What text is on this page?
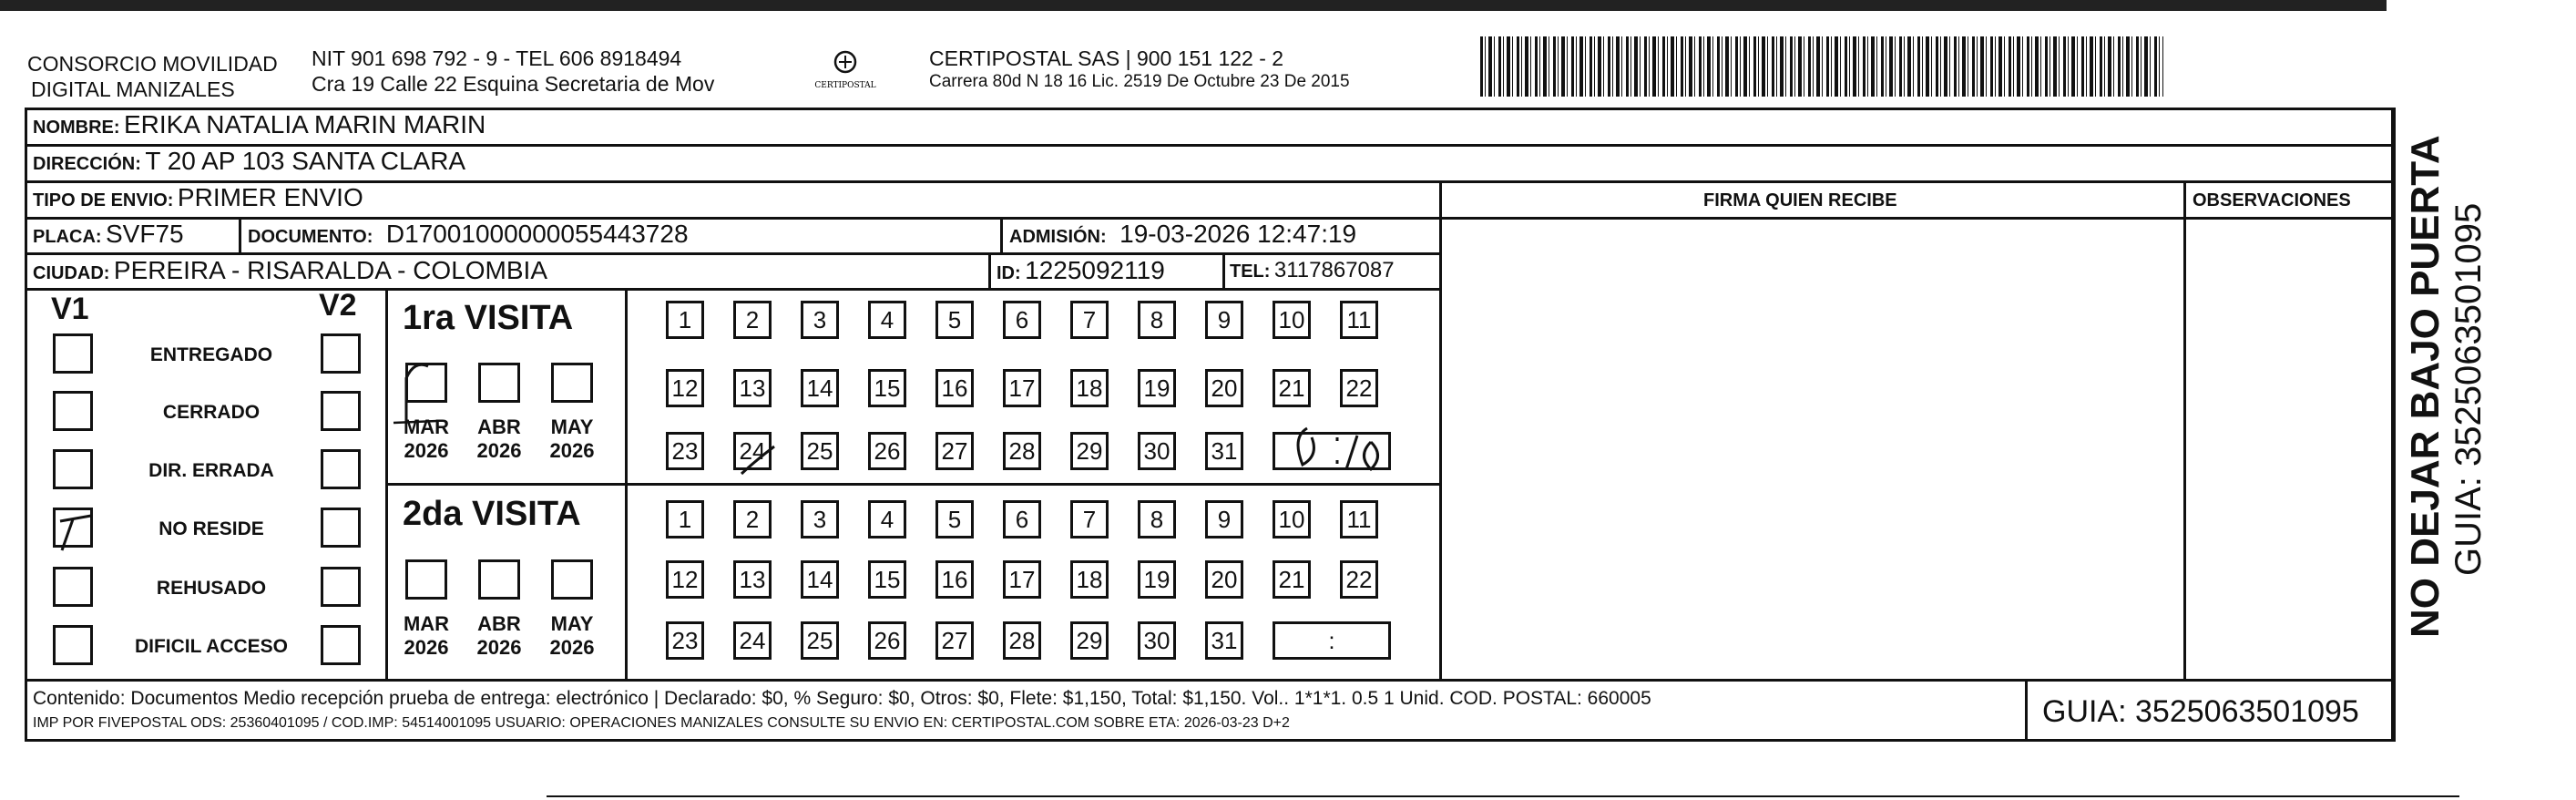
CONSORCIO MOVILIDAD
DIGITAL MANIZALES
NIT 901 698 792 - 9 - TEL 606 8918494
Cra 19 Calle 22 Esquina Secretaria de Mov	CERTIPOSTAL
CERTIPOSTAL SAS | 900 151 122 - 2
Carrera 80d N 18 16 Lic. 2519 De Octubre 23 De 2015
NOMBRE: ERIKA NATALIA MARIN MARIN
DIRECCIÓN: T 20 AP 103 SANTA CLARA
TIPO DE ENVIO: PRIMER ENVIO	FIRMA QUIEN RECIBE	OBSERVACIONES
PLACA: SVF75	DOCUMENTO: D17001000000055443728	ADMISIÓN: 19-03-2026 12:47:19
CIUDAD: PEREIRA - RISARALDA - COLOMBIA	ID: 1225092119	TEL: 3117867087
V1	V2
ENTREGADO
CERRADO
DIR. ERRADA
NO RESIDE
REHUSADO
DIFICIL ACCESO
1ra VISITA
2da VISITA
MAR
2026
ABR
2026
MAY
2026
1	2	3	4	5	6	7	8	9	10 11
12 13 14 15 16 17 18 19 20 21 22
23 24 25 26 27 28 29 30 31
MAR
2026
ABR
2026
MAY
2026
1	2	3	4	5	6	7	8	9	10 11
12 13 14 15 16 17 18 19 20 21 22
23 24 25 26 27 28 29 30 31	:
NO DEJAR BAJO PUERTA GUIA: 3525063501095
Contenido: Documentos Medio recepción prueba de entrega: electrónico | Declarado: $0, % Seguro: $0, Otros: $0, Flete: $1,150, Total: $1,150. Vol.. 1*1*1. 0.5 1 Unid. COD. POSTAL: 660005
IMP POR FIVEPOSTAL ODS: 25360401095 / COD.IMP: 54514001095 USUARIO: OPERACIONES MANIZALES CONSULTE SU ENVIO EN: CERTIPOSTAL.COM SOBRE ETA: 2026-03-23 D+2	GUIA: 3525063501095
